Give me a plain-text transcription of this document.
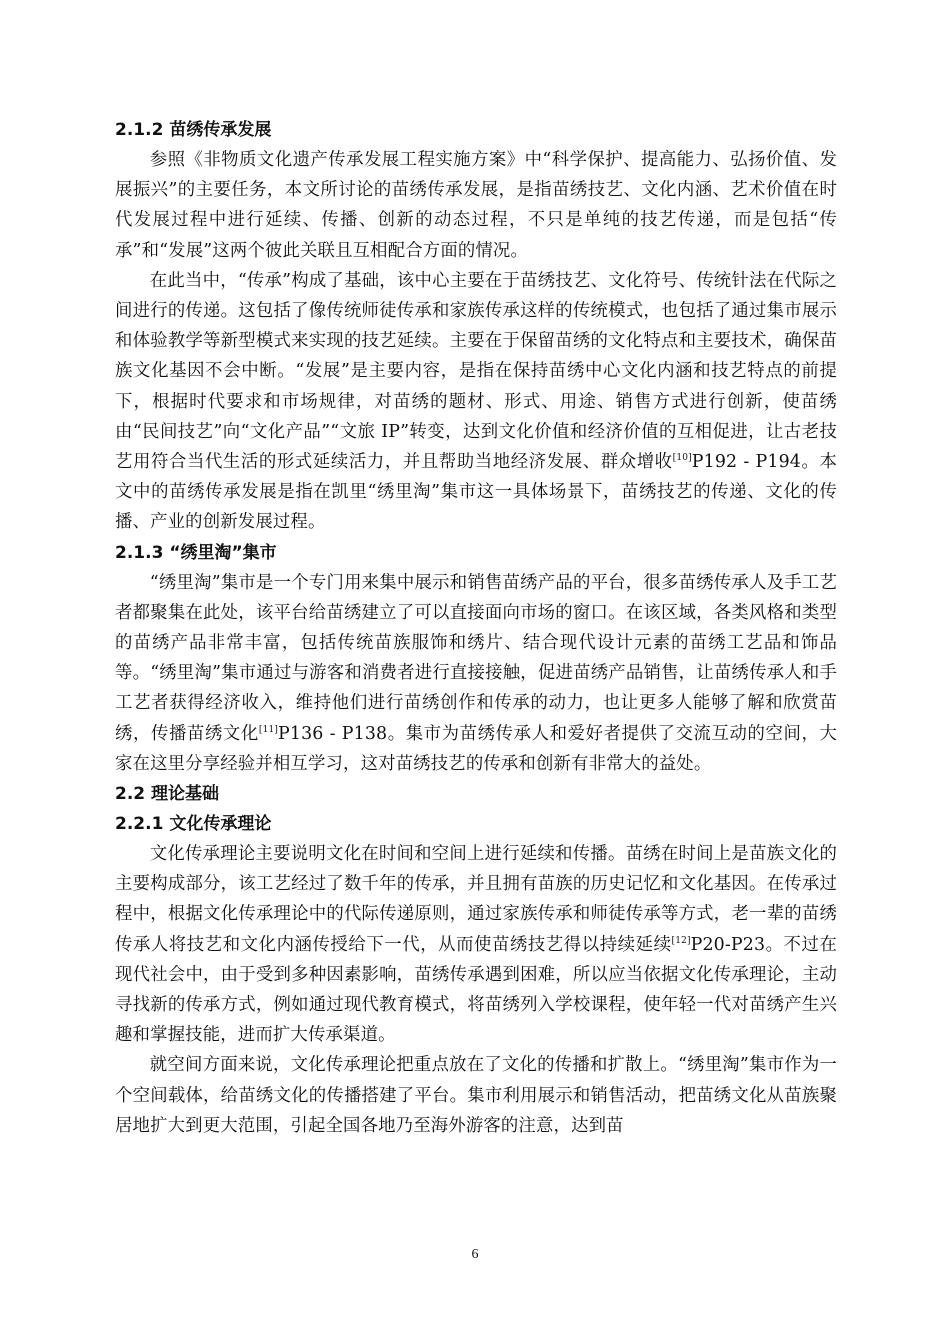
2.1.2 苗绣传承发展

参照《非物质文化遗产传承发展工程实施方案》中“科学保护、提高能力、弘扬价值、发展振兴”的主要任务，本文所讨论的苗绣传承发展，是指苗绣技艺、文化内涵、艺术价值在时代发展过程中进行延续、传播、创新的动态过程，不只是单纯的技艺传递，而是包括“传承”和“发展”这两个彼此关联且互相配合方面的情况。

在此当中，“传承”构成了基础，该中心主要在于苗绣技艺、文化符号、传统针法在代际之间进行的传递。这包括了像传统师徒传承和家族传承这样的传统模式，也包括了通过集市展示和体验教学等新型模式来实现的技艺延续。主要在于保留苗绣的文化特点和主要技术，确保苗族文化基因不会中断。“发展”是主要内容，是指在保持苗绣中心文化内涵和技艺特点的前提下，根据时代要求和市场规律，对苗绣的题材、形式、用途、销售方式进行创新，使苗绣由“民间技艺”向“文化产品”“文旅 IP”转变，达到文化价值和经济价值的互相促进，让古老技艺用符合当代生活的形式延续活力，并且帮助当地经济发展、群众增收[10]P192 - P194。本文中的苗绣传承发展是指在凯里“绣里淘”集市这一具体场景下，苗绣技艺的传递、文化的传播、产业的创新发展过程。

2.1.3 “绣里淘”集市

“绣里淘”集市是一个专门用来集中展示和销售苗绣产品的平台，很多苗绣传承人及手工艺者都聚集在此处，该平台给苗绣建立了可以直接面向市场的窗口。在该区域，各类风格和类型的苗绣产品非常丰富，包括传统苗族服饰和绣片、结合现代设计元素的苗绣工艺品和饰品等。“绣里淘”集市通过与游客和消费者进行直接接触，促进苗绣产品销售，让苗绣传承人和手工艺者获得经济收入，维持他们进行苗绣创作和传承的动力，也让更多人能够了解和欣赏苗绣，传播苗绣文化[11]P136 - P138。集市为苗绣传承人和爱好者提供了交流互动的空间，大家在这里分享经验并相互学习，这对苗绣技艺的传承和创新有非常大的益处。

2.2 理论基础
2.2.1 文化传承理论

文化传承理论主要说明文化在时间和空间上进行延续和传播。苗绣在时间上是苗族文化的主要构成部分，该工艺经过了数千年的传承，并且拥有苗族的历史记忆和文化基因。在传承过程中，根据文化传承理论中的代际传递原则，通过家族传承和师徒传承等方式，老一辈的苗绣传承人将技艺和文化内涵传授给下一代，从而使苗绣技艺得以持续延续[12]P20-P23。不过在现代社会中，由于受到多种因素影响，苗绣传承遇到困难，所以应当依据文化传承理论，主动寻找新的传承方式，例如通过现代教育模式，将苗绣列入学校课程，使年轻一代对苗绣产生兴趣和掌握技能，进而扩大传承渠道。

就空间方面来说，文化传承理论把重点放在了文化的传播和扩散上。“绣里淘”集市作为一个空间载体，给苗绣文化的传播搭建了平台。集市利用展示和销售活动，把苗绣文化从苗族聚居地扩大到更大范围，引起全国各地乃至海外游客的注意，达到苗

6
